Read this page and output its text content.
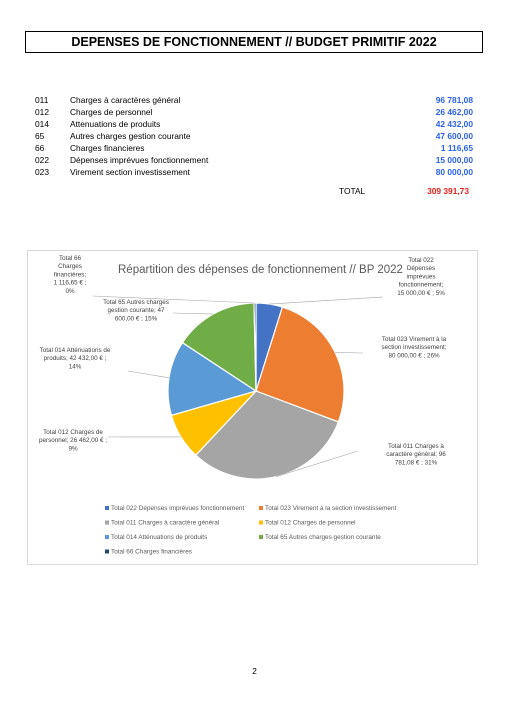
DEPENSES DE FONCTIONNEMENT // BUDGET PRIMITIF 2022
011	Charges à caractères général	96 781,08
012	Charges de personnel	26 462,00
014	Attenuations de produits	42 432,00
65	Autres charges gestion courante	47 600,00
66	Charges financieres	1 116,65
022	Dépenses imprévues fonctionnement	15 000,00
023	Virement section investissement	80 000,00
TOTAL	309 391,73
Total 022 Dépenses imprévues fonctionnement; 15 000,00 € ; 5%
Total 023 Virement à la section investissement; 80 000,00 € ; 26%
Total 011 Charges à caractère général; 96 781,08 € ; 31%
Total 012 Charges de personnel; 26 462,00 € ; 9%
Total 014 Atténuations de produits; 42 432,00 € ; 14%
Total 65 Autres charges gestion courante; 47 600,00 € ; 15%
Total 66 Charges financières; 1 116,65 € ; 0%
Total 022 Dépenses imprévues fonctionnement	Total 023 Virement à la section investissement
Total 011 Charges à caractère général	Total 012 Charges de personnel
Total 014 Atténuations de produits	Total 65 Autres charges gestion courante
Total 66 Charges financières
Répartition des dépenses de fonctionnement // BP 2022
2
